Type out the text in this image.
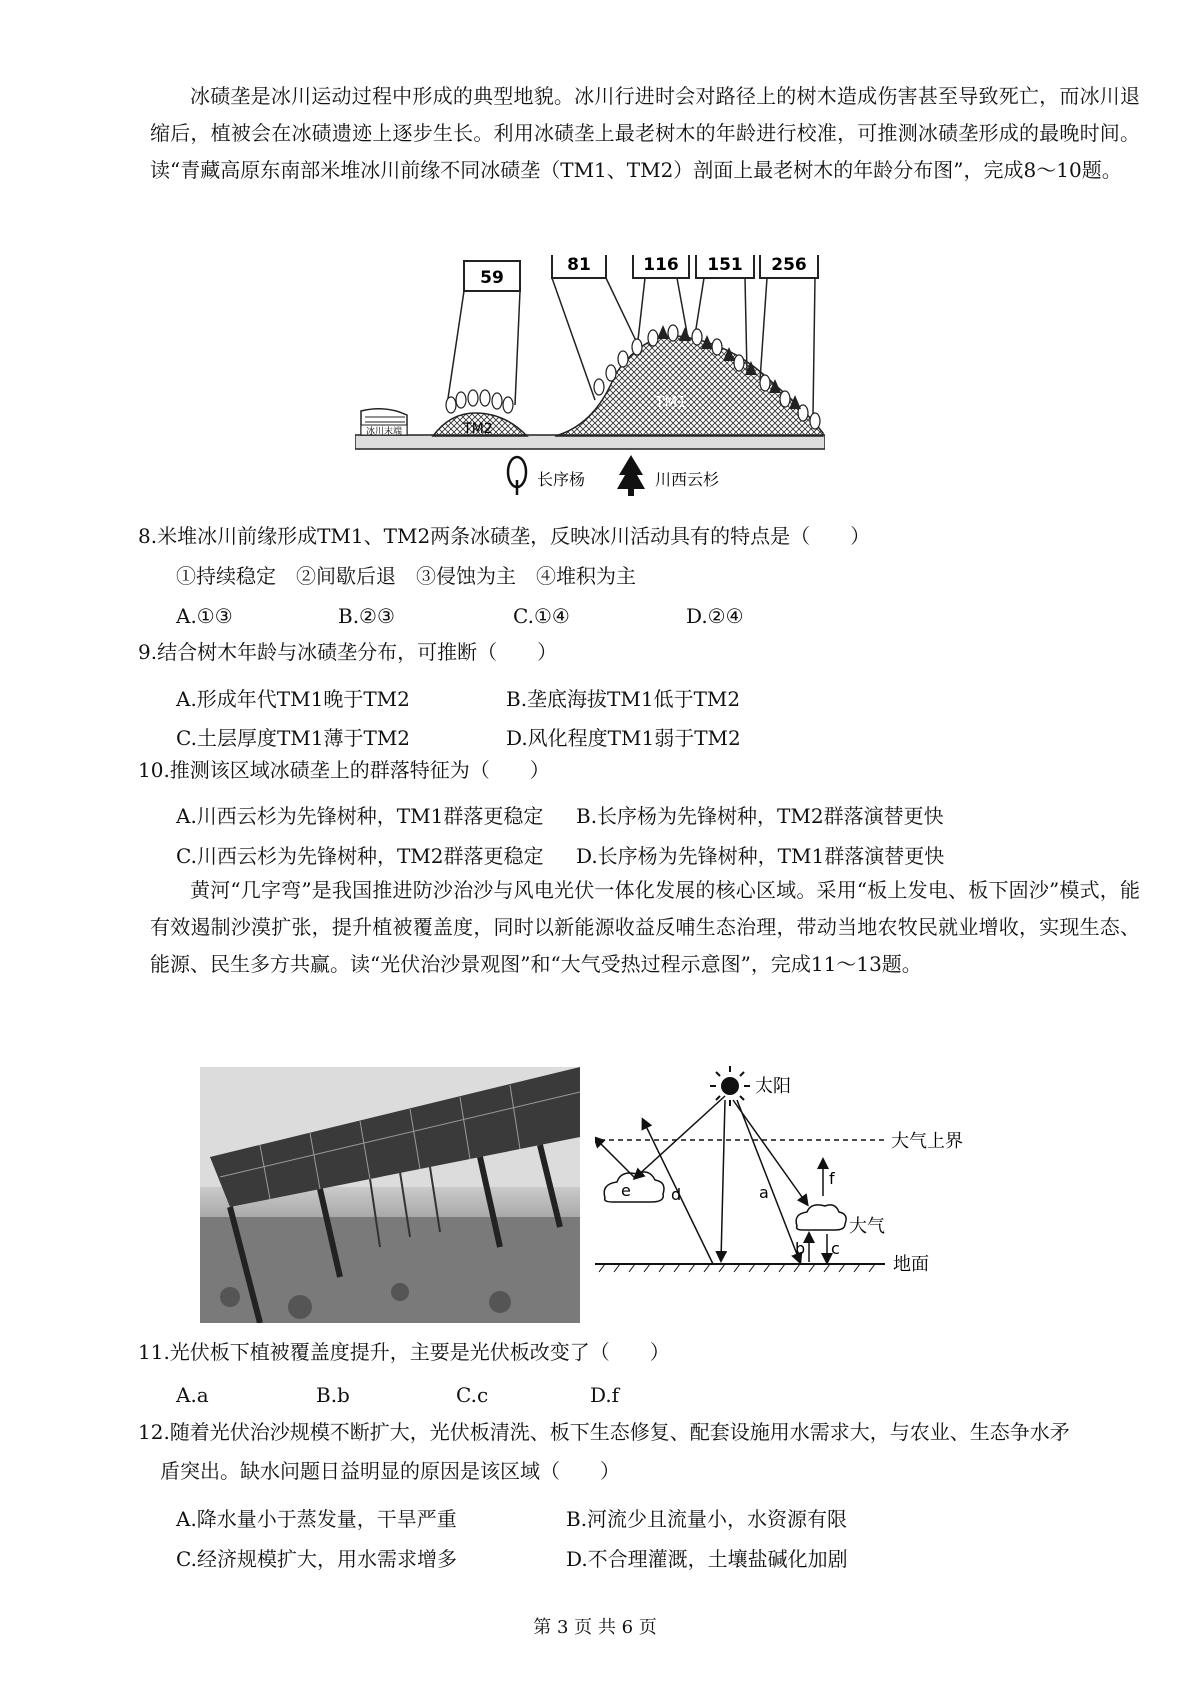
冰碛垄是冰川运动过程中形成的典型地貌。冰川行进时会对路径上的树木造成伤害甚至导致死亡，而冰川退缩后，植被会在冰碛遗迹上逐步生长。利用冰碛垄上最老树木的年龄进行校准，可推测冰碛垄形成的最晚时间。读“青藏高原东南部米堆冰川前缘不同冰碛垄（TM1、TM2）剖面上最老树木的年龄分布图”，完成8～10题。
59
81	116 151 256
冰川末端	TM2
TM1
长序杨	川西云杉
8.米堆冰川前缘形成TM1、TM2两条冰碛垄，反映冰川活动具有的特点是（　　）
①持续稳定　②间歇后退　③侵蚀为主　④堆积为主
A.①③	B.②③	C.①④	D.②④
9.结合树木年龄与冰碛垄分布，可推断（　　）
A.形成年代TM1晚于TM2	B.垄底海拔TM1低于TM2
C.土层厚度TM1薄于TM2	D.风化程度TM1弱于TM2
10.推测该区域冰碛垄上的群落特征为（　　）
A.川西云杉为先锋树种，TM1群落更稳定 B.长序杨为先锋树种，TM2群落演替更快
C.川西云杉为先锋树种，TM2群落更稳定 D.长序杨为先锋树种，TM1群落演替更快
黄河“几字弯”是我国推进防沙治沙与风电光伏一体化发展的核心区域。采用“板上发电、板下固沙”模式，能有效遏制沙漠扩张，提升植被覆盖度，同时以新能源收益反哺生态治理，带动当地农牧民就业增收，实现生态、能源、民生多方共赢。读“光伏治沙景观图”和“大气受热过程示意图”，完成11～13题。
太阳
大气上界
地面
大气
e	d	a
f
b c
11.光伏板下植被覆盖度提升，主要是光伏板改变了（　　）
A.a	B.b	C.c	D.f
12.随着光伏治沙规模不断扩大，光伏板清洗、板下生态修复、配套设施用水需求大，与农业、生态争水矛
盾突出。缺水问题日益明显的原因是该区域（　　）
A.降水量小于蒸发量，干旱严重	B.河流少且流量小，水资源有限
C.经济规模扩大，用水需求增多	D.不合理灌溉，土壤盐碱化加剧
第 3 页 共 6 页
